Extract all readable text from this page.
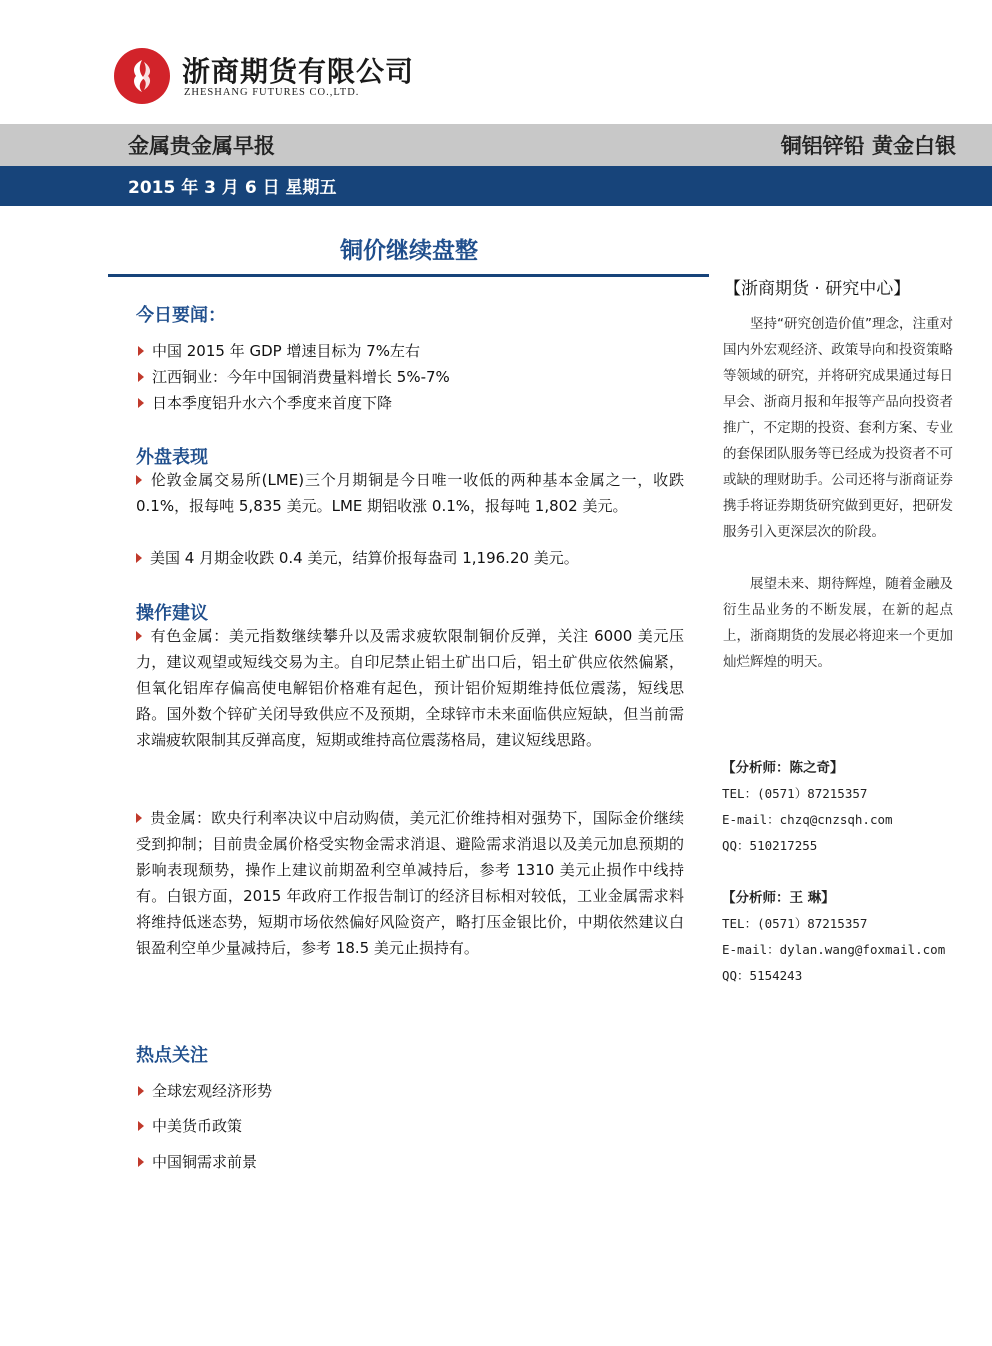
浙商期货有限公司
ZHESHANG FUTURES CO.,LTD.
金属贵金属早报	铜铝锌铅 黄金白银
2015 年 3 月 6 日 星期五
铜价继续盘整
今日要闻：
中国 2015 年 GDP 增速目标为 7%左右
江西铜业：今年中国铜消费量料增长 5%-7%
日本季度铝升水六个季度来首度下降
外盘表现
伦敦金属交易所(LME)三个月期铜是今日唯一收低的两种基本金属之一，收跌 0.1%，报每吨 5,835 美元。LME 期铝收涨 0.1%，报每吨 1,802 美元。
美国 4 月期金收跌 0.4 美元，结算价报每盎司 1,196.20 美元。
操作建议
有色金属：美元指数继续攀升以及需求疲软限制铜价反弹，关注 6000 美元压力，建议观望或短线交易为主。自印尼禁止铝土矿出口后，铝土矿供应依然偏紧，但氧化铝库存偏高使电解铝价格难有起色，预计铝价短期维持低位震荡，短线思路。国外数个锌矿关闭导致供应不及预期，全球锌市未来面临供应短缺，但当前需求端疲软限制其反弹高度，短期或维持高位震荡格局，建议短线思路。
贵金属：欧央行利率决议中启动购债，美元汇价维持相对强势下，国际金价继续受到抑制；目前贵金属价格受实物金需求消退、避险需求消退以及美元加息预期的影响表现颓势，操作上建议前期盈利空单减持后，参考 1310 美元止损作中线持有。白银方面，2015 年政府工作报告制订的经济目标相对较低，工业金属需求料将维持低迷态势，短期市场依然偏好风险资产，略打压金银比价，中期依然建议白银盈利空单少量减持后，参考 18.5 美元止损持有。
热点关注
全球宏观经济形势
中美货币政策
中国铜需求前景
【浙商期货 · 研究中心】
坚持“研究创造价值”理念，注重对国内外宏观经济、政策导向和投资策略等领域的研究，并将研究成果通过每日早会、浙商月报和年报等产品向投资者推广，不定期的投资、套利方案、专业的套保团队服务等已经成为投资者不可或缺的理财助手。公司还将与浙商证券携手将证券期货研究做到更好，把研发服务引入更深层次的阶段。
展望未来、期待辉煌，随着金融及衍生品业务的不断发展，在新的起点上，浙商期货的发展必将迎来一个更加灿烂辉煌的明天。
【分析师：陈之奇】
TEL：(0571）87215357
E-mail：chzq@cnzsqh.com
QQ：510217255
【分析师：王 琳】
TEL：(0571）87215357
E-mail：dylan.wang@foxmail.com
QQ：5154243
